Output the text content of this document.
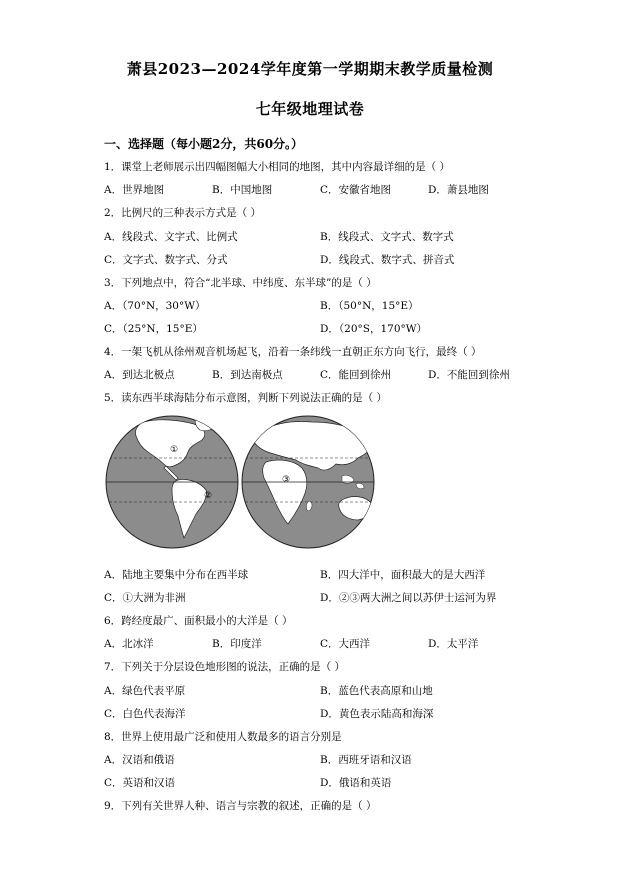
萧县2023—2024学年度第一学期期末教学质量检测
七年级地理试卷
一、选择题（每小题2分，共60分。）
1．课堂上老师展示出四幅图幅大小相同的地图，其中内容最详细的是（ ）
A．世界地图	B．中国地图	C．安徽省地图	D．萧县地图
2．比例尺的三种表示方式是（ ）
A．线段式、文字式、比例式	B．线段式、文字式、数字式
C．文字式、数字式、分式	D．线段式、数字式、拼音式
3．下列地点中，符合“北半球、中纬度、东半球”的是（ ）
A．（70°N，30°W）	B．（50°N，15°E）
C．（25°N，15°E）	D．（20°S，170°W）
4．一架飞机从徐州观音机场起飞，沿着一条纬线一直朝正东方向飞行，最终（ ）
A．到达北极点	B．到达南极点	C．能回到徐州	D．不能回到徐州
5．读东西半球海陆分布示意图，判断下列说法正确的是（ ）
①
②
③
A．陆地主要集中分布在西半球	B．四大洋中，面积最大的是大西洋
C．①大洲为非洲	D．②③两大洲之间以苏伊士运河为界
6．跨经度最广、面积最小的大洋是（ ）
A．北冰洋	B．印度洋	C．大西洋	D．太平洋
7．下列关于分层设色地形图的说法，正确的是（ ）
A．绿色代表平原	B．蓝色代表高原和山地
C．白色代表海洋	D．黄色表示陆高和海深
8．世界上使用最广泛和使用人数最多的语言分别是
A．汉语和俄语	B．西班牙语和汉语
C．英语和汉语	D．俄语和英语
9．下列有关世界人种、语言与宗教的叙述，正确的是（ ）
